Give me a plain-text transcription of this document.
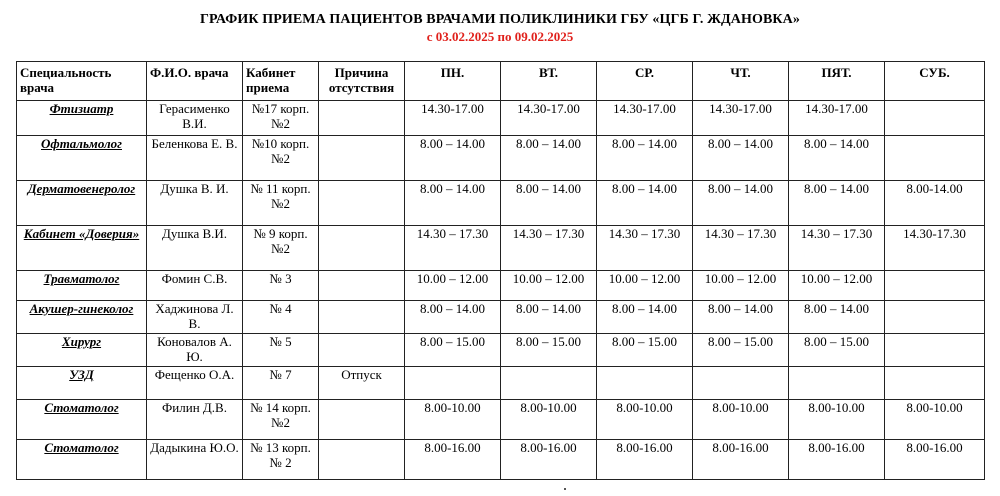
ГРАФИК ПРИЕМА ПАЦИЕНТОВ ВРАЧАМИ ПОЛИКЛИНИКИ ГБУ «ЦГБ Г. ЖДАНОВКА»
с 03.02.2025 по 09.02.2025
Специальность врача	Ф.И.О. врача	Кабинет приема	Причина отсутствия	ПН.	ВТ.	СР.	ЧТ.	ПЯТ.	СУБ.
Фтизиатр	Герасименко В.И.	№17 корп. №2		14.30-17.00	14.30-17.00	14.30-17.00	14.30-17.00	14.30-17.00	
Офтальмолог	Беленкова Е. В.	№10 корп. №2		8.00 – 14.00	8.00 – 14.00	8.00 – 14.00	8.00 – 14.00	8.00 – 14.00	
Дерматовенеролог	Душка В. И.	№ 11 корп.№2		8.00 – 14.00	8.00 – 14.00	8.00 – 14.00	8.00 – 14.00	8.00 – 14.00	8.00-14.00
Кабинет «Доверия»	Душка В.И.	№ 9 корп. №2		14.30 – 17.30	14.30 – 17.30	14.30 – 17.30	14.30 – 17.30	14.30 – 17.30	14.30-17.30
Травматолог	Фомин С.В.	№ 3		10.00 – 12.00	10.00 – 12.00	10.00 – 12.00	10.00 – 12.00	10.00 – 12.00	
Акушер-гинеколог	Хаджинова Л. В.	№ 4		8.00 – 14.00	8.00 – 14.00	8.00 – 14.00	8.00 – 14.00	8.00 – 14.00	
Хирург	Коновалов А. Ю.	№ 5		8.00 – 15.00	8.00 – 15.00	8.00 – 15.00	8.00 – 15.00	8.00 – 15.00	
УЗД	Фещенко О.А.	№ 7	Отпуск						
Стоматолог	Филин Д.В.	№ 14 корп.№2		8.00-10.00	8.00-10.00	8.00-10.00	8.00-10.00	8.00-10.00	8.00-10.00
Стоматолог	Дадыкина Ю.О.	№ 13 корп. № 2		8.00-16.00	8.00-16.00	8.00-16.00	8.00-16.00	8.00-16.00	8.00-16.00
